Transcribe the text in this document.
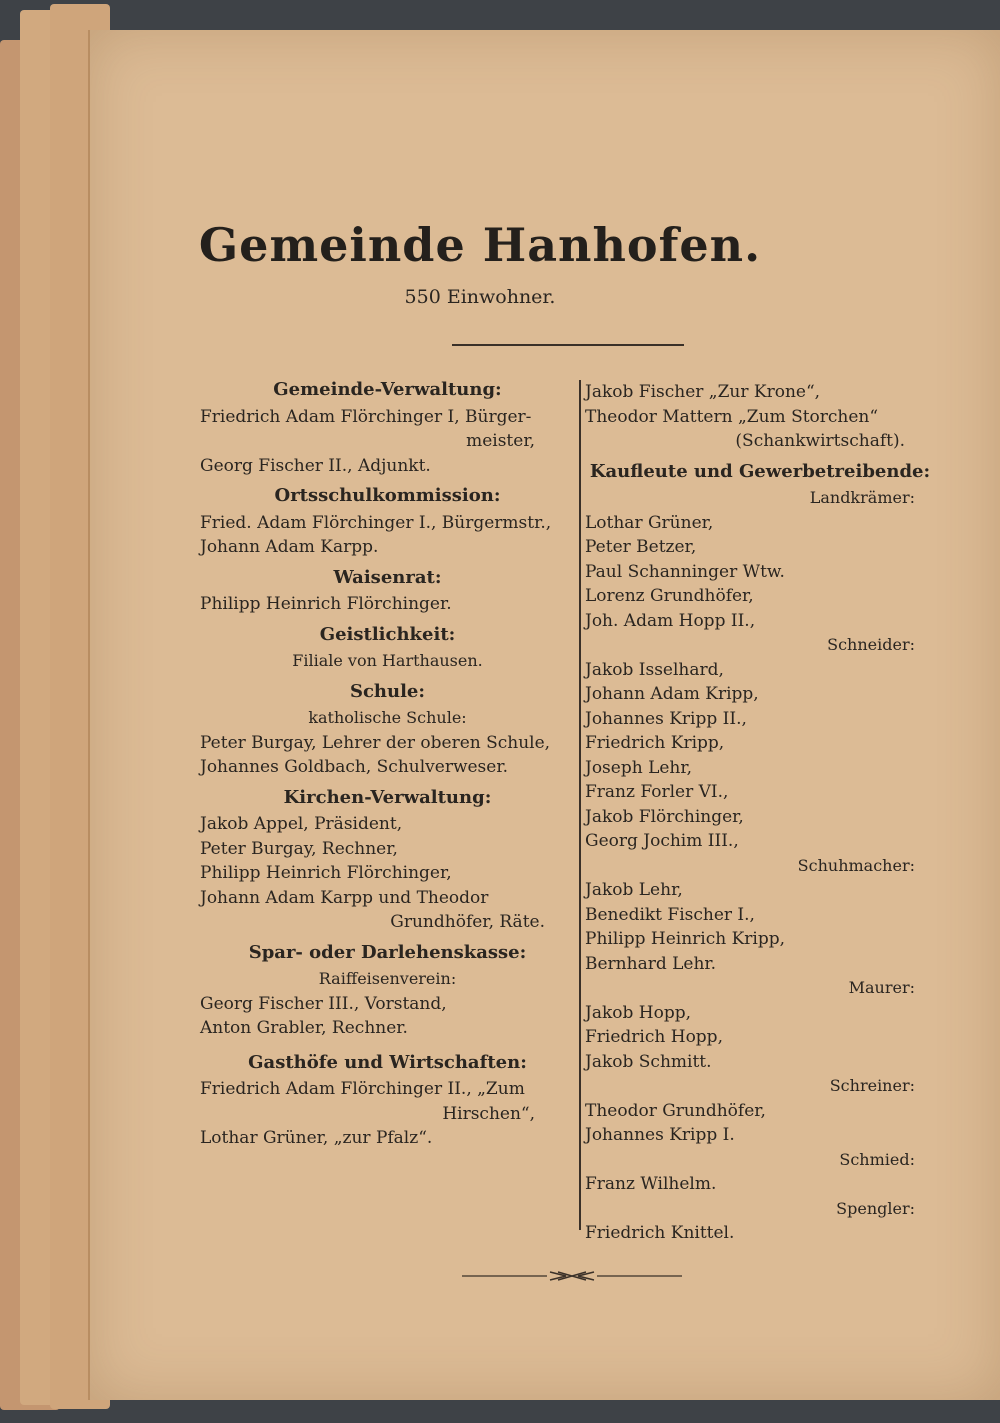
Gemeinde Hanhofen.
550 Einwohner.
Gemeinde-Verwaltung:
Friedrich Adam Flörchinger I, Bürger-
meister,
Georg Fischer II., Adjunkt.
Ortsschulkommission:
Fried. Adam Flörchinger I., Bürgermstr.,
Johann Adam Karpp.
Waisenrat:
Philipp Heinrich Flörchinger.
Geistlichkeit:
Filiale von Harthausen.
Schule:
katholische Schule:
Peter Burgay, Lehrer der oberen Schule,
Johannes Goldbach, Schulverweser.
Kirchen-Verwaltung:
Jakob Appel, Präsident,
Peter Burgay, Rechner,
Philipp Heinrich Flörchinger,
Johann Adam Karpp und Theodor
Grundhöfer, Räte.
Spar- oder Darlehenskasse:
Raiffeisenverein:
Georg Fischer III., Vorstand,
Anton Grabler, Rechner.
Gasthöfe und Wirtschaften:
Friedrich Adam Flörchinger II., „Zum
Hirschen“,
Lothar Grüner, „zur Pfalz“.
Jakob Fischer „Zur Krone“,
Theodor Mattern „Zum Storchen“
(Schankwirtschaft).
Kaufleute und Gewerbetreibende:
Landkrämer:
Lothar Grüner,
Peter Betzer,
Paul Schanninger Wtw.
Lorenz Grundhöfer,
Joh. Adam Hopp II.,
Schneider:
Jakob Isselhard,
Johann Adam Kripp,
Johannes Kripp II.,
Friedrich Kripp,
Joseph Lehr,
Franz Forler VI.,
Jakob Flörchinger,
Georg Jochim III.,
Schuhmacher:
Jakob Lehr,
Benedikt Fischer I.,
Philipp Heinrich Kripp,
Bernhard Lehr.
Maurer:
Jakob Hopp,
Friedrich Hopp,
Jakob Schmitt.
Schreiner:
Theodor Grundhöfer,
Johannes Kripp I.
Schmied:
Franz Wilhelm.
Spengler:
Friedrich Knittel.
